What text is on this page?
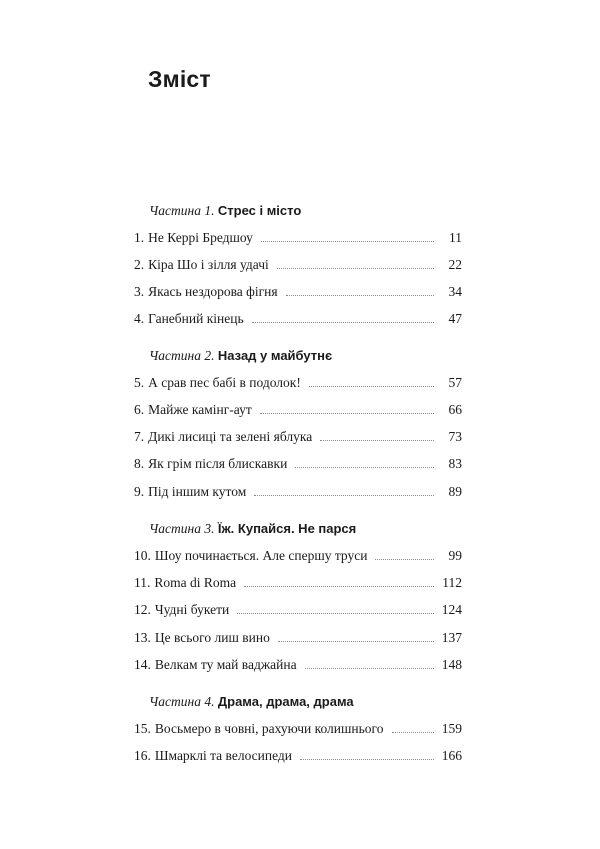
Зміст
Частина 1. Стрес і місто
1. Не Керрі Бредшоу	11
2. Кіра Шо і зілля удачі	22
3. Якась нездорова фігня	34
4. Ганебний кінець	47
Частина 2. Назад у майбутнє
5. А срав пес бабі в подолок!	57
6. Майже камінг-аут	66
7. Дикі лисиці та зелені яблука	73
8. Як грім після блискавки	83
9. Під іншим кутом	89
Частина 3. Їж. Купайся. Не парся
10. Шоу починається. Але спершу труси	99
11. Roma di Roma	112
12. Чудні букети	124
13. Це всього лиш вино	137
14. Велкам ту май ваджайна	148
Частина 4. Драма, драма, драма
15. Восьмеро в човні, рахуючи колишнього	159
16. Шмарклі та велосипеди	166
